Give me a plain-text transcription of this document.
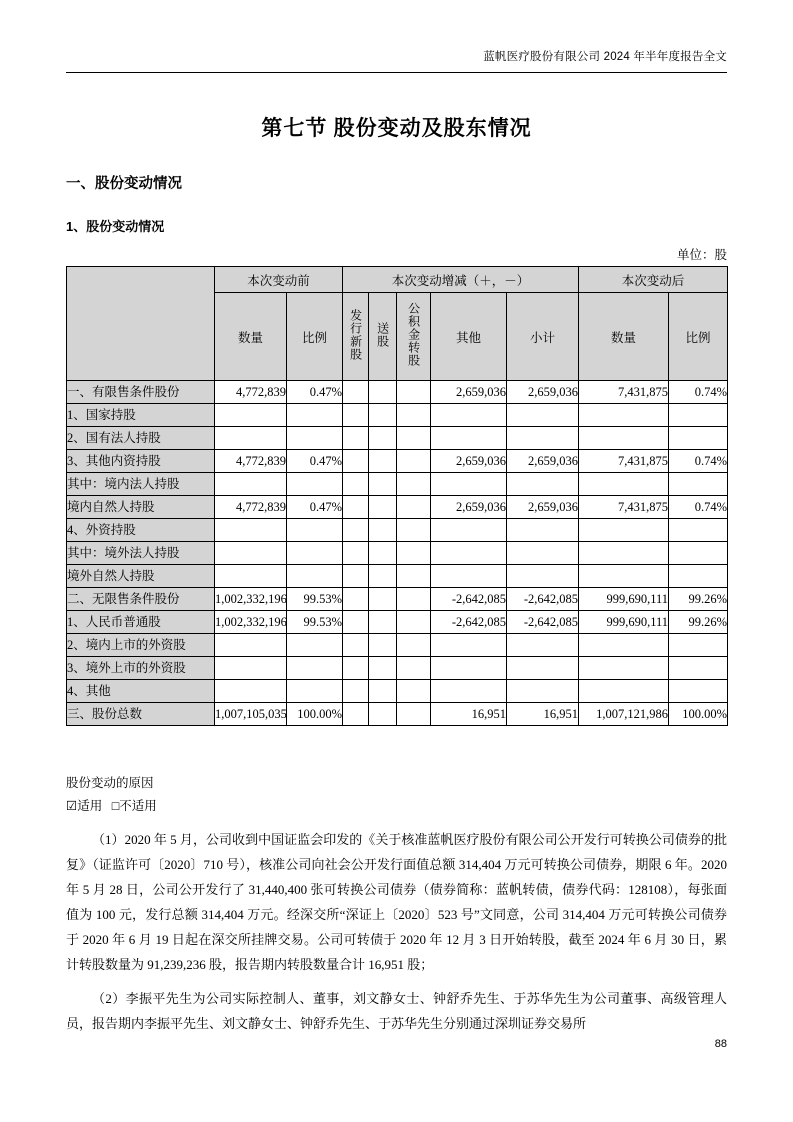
蓝帆医疗股份有限公司 2024 年半年度报告全文
第七节 股份变动及股东情况
一、股份变动情况
1、股份变动情况
单位：股
	本次变动前		本次变动增减（＋，－）					本次变动后	
	数量	比例	发行新股	送股	公积金转股	其他	小计	数量	比例
一、有限售条件股份	4,772,839	0.47%				2,659,036	2,659,036	7,431,875	0.74%
1、国家持股									
2、国有法人持股									
3、其他内资持股	4,772,839	0.47%				2,659,036	2,659,036	7,431,875	0.74%
其中：境内法人持股									
境内自然人持股	4,772,839	0.47%				2,659,036	2,659,036	7,431,875	0.74%
4、外资持股									
其中：境外法人持股									
境外自然人持股									
二、无限售条件股份	1,002,332,196	99.53%				-2,642,085	-2,642,085	999,690,111	99.26%
1、人民币普通股	1,002,332,196	99.53%				-2,642,085	-2,642,085	999,690,111	99.26%
2、境内上市的外资股									
3、境外上市的外资股									
4、其他									
三、股份总数	1,007,105,035	100.00%				16,951	16,951	1,007,121,986	100.00%
股份变动的原因
☑适用 □不适用
（1）2020 年 5 月，公司收到中国证监会印发的《关于核准蓝帆医疗股份有限公司公开发行可转换公司债券的批复》（证监许可〔2020〕710 号），核准公司向社会公开发行面值总额 314,404 万元可转换公司债券，期限 6 年。2020 年 5 月 28 日，公司公开发行了 31,440,400 张可转换公司债券（债券简称：蓝帆转债，债券代码：128108），每张面值为 100 元，发行总额 314,404 万元。经深交所“深证上〔2020〕523 号”文同意，公司 314,404 万元可转换公司债券于 2020 年 6 月 19 日起在深交所挂牌交易。公司可转债于 2020 年 12 月 3 日开始转股，截至 2024 年 6 月 30 日，累计转股数量为 91,239,236 股，报告期内转股数量合计 16,951 股；
（2）李振平先生为公司实际控制人、董事，刘文静女士、钟舒乔先生、于苏华先生为公司董事、高级管理人员，报告期内李振平先生、刘文静女士、钟舒乔先生、于苏华先生分别通过深圳证券交易所
88
